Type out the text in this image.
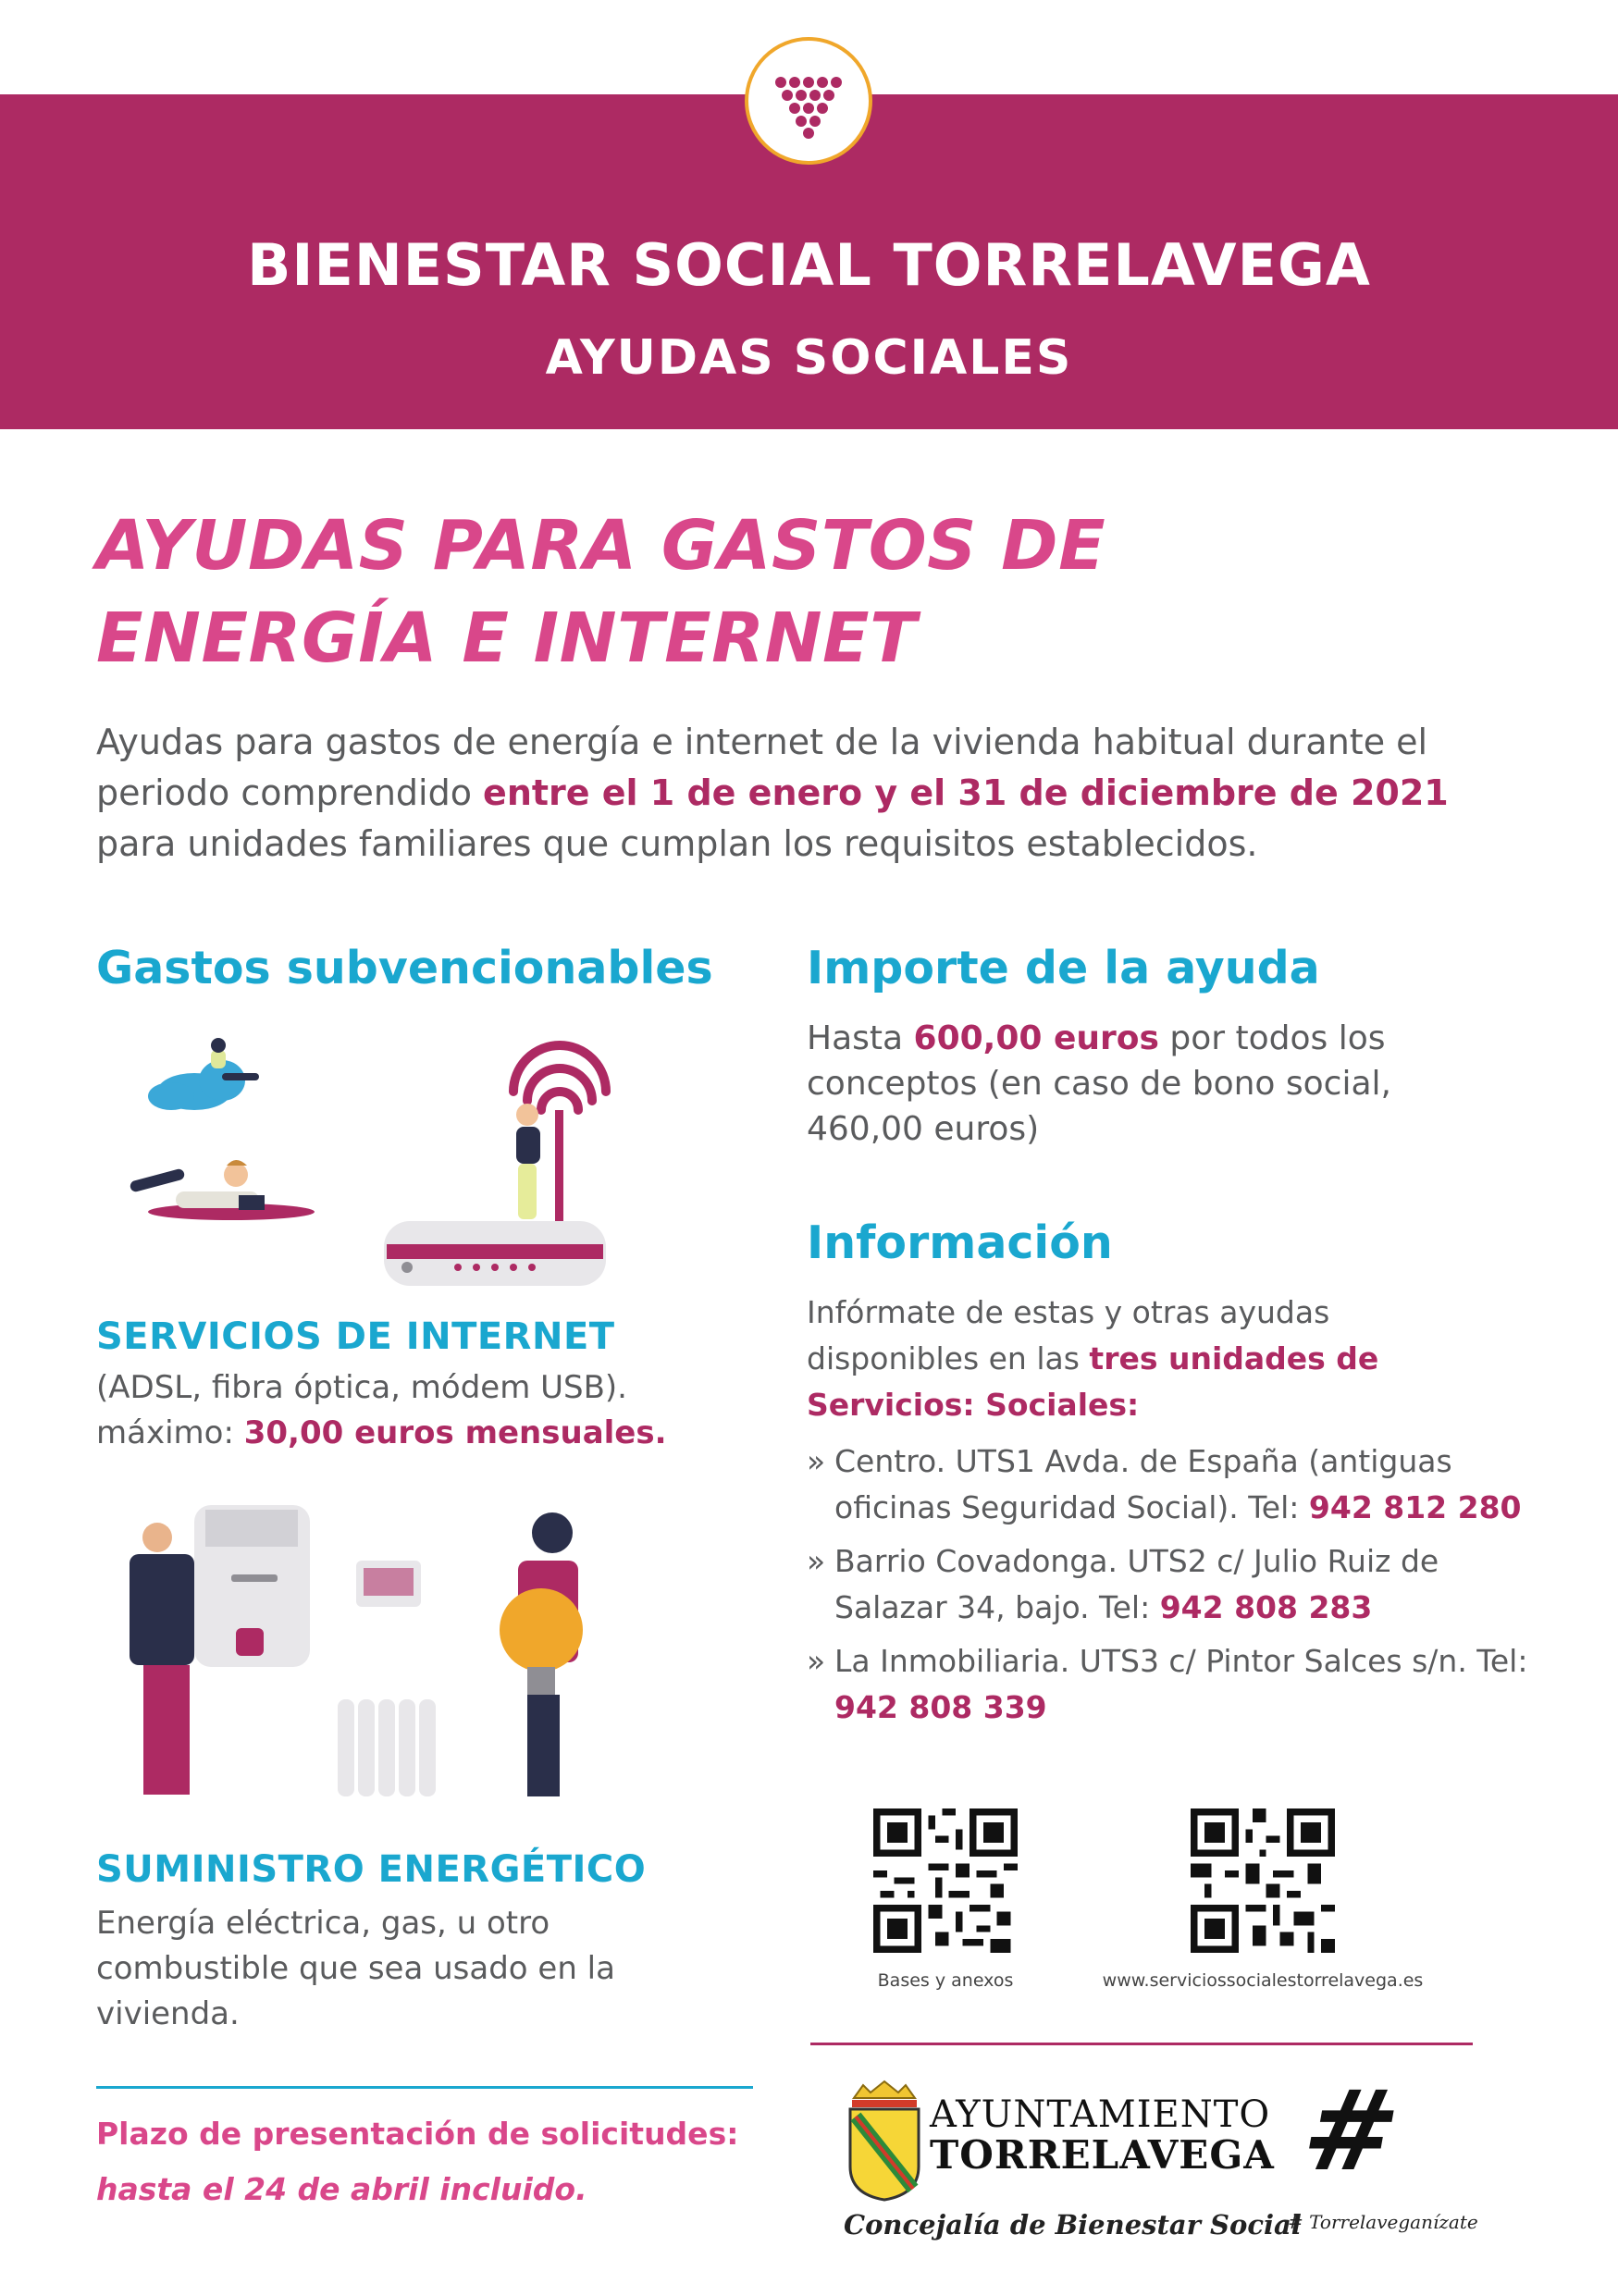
BIENESTAR SOCIAL TORRELAVEGA
AYUDAS SOCIALES
AYUDAS PARA GASTOS DE
ENERGÍA E INTERNET
Ayudas para gastos de energía e internet de la vivienda habitual durante el periodo comprendido entre el 1 de enero y el 31 de diciembre de 2021 para unidades familiares que cumplan los requisitos establecidos.
Gastos subvencionables
SERVICIOS DE INTERNET
(ADSL, fibra óptica, módem USB).
máximo: 30,00 euros mensuales.
SUMINISTRO ENERGÉTICO
Energía eléctrica, gas, u otro
combustible que sea usado en la
vivienda.
Plazo de presentación de solicitudes:
hasta el 24 de abril incluido.
Importe de la ayuda
Hasta 600,00 euros por todos los
conceptos (en caso de bono social,
460,00 euros)
Información
Infórmate de estas y otras ayudas
disponibles en las tres unidades de
Servicios: Sociales:
» Centro. UTS1 Avda. de España (antiguas oficinas Seguridad Social). Tel: 942 812 280
» Barrio Covadonga. UTS2 c/ Julio Ruiz de Salazar 34, bajo. Tel: 942 808 283
» La Inmobiliaria. UTS3 c/ Pintor Salces s/n. Tel: 942 808 339
Bases y anexos	www.serviciossocialestorrelavega.es
AYUNTAMIENTO
TORRELAVEGA
Concejalía de Bienestar Social
#
# Torrelaveganízate
